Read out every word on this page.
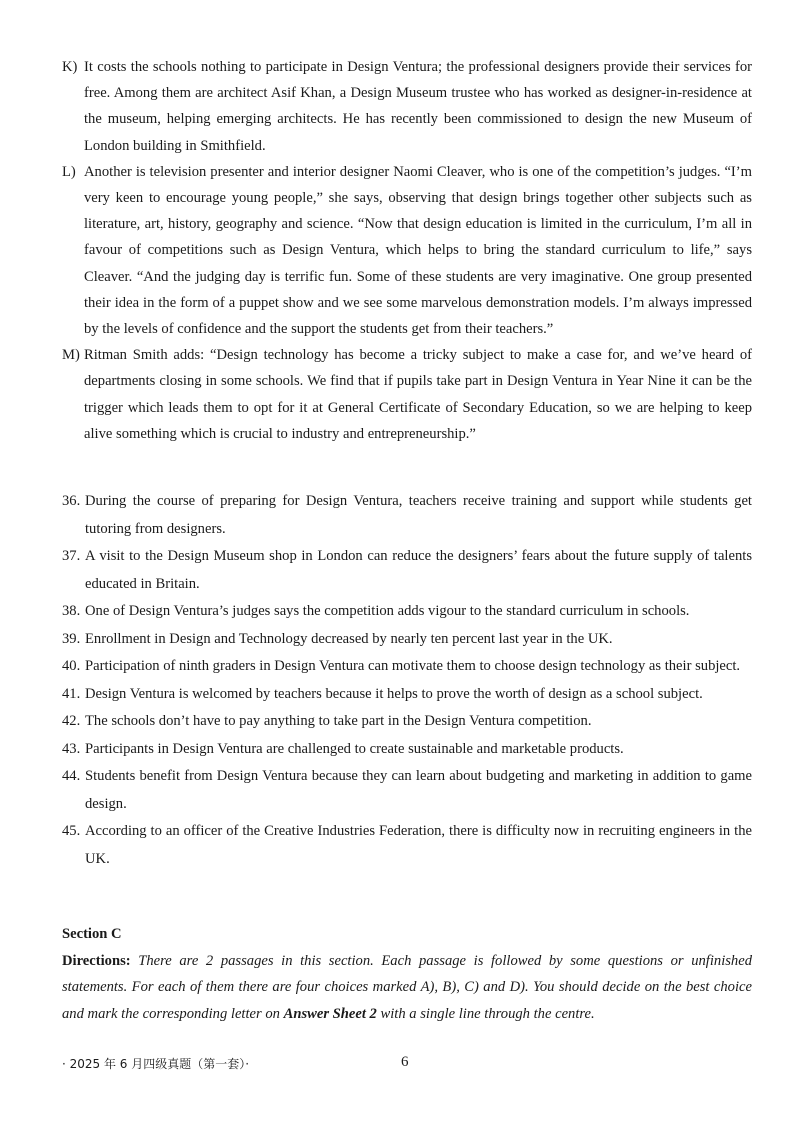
K) It costs the schools nothing to participate in Design Ventura; the professional designers provide their services for free. Among them are architect Asif Khan, a Design Museum trustee who has worked as designer-in-residence at the museum, helping emerging architects. He has recently been commissioned to design the new Museum of London building in Smithfield.

L) Another is television presenter and interior designer Naomi Cleaver, who is one of the competition’s judges. “I’m very keen to encourage young people,” she says, observing that design brings together other subjects such as literature, art, history, geography and science. “Now that design education is limited in the curriculum, I’m all in favour of competitions such as Design Ventura, which helps to bring the standard curriculum to life,” says Cleaver. “And the judging day is terrific fun. Some of these students are very imaginative. One group presented their idea in the form of a puppet show and we see some marvelous demonstration models. I’m always impressed by the levels of confidence and the support the students get from their teachers.”

M) Ritman Smith adds: “Design technology has become a tricky subject to make a case for, and we’ve heard of departments closing in some schools. We find that if pupils take part in Design Ventura in Year Nine it can be the trigger which leads them to opt for it at General Certificate of Secondary Education, so we are helping to keep alive something which is crucial to industry and entrepreneurship.”

36. During the course of preparing for Design Ventura, teachers receive training and support while students get tutoring from designers.

37. A visit to the Design Museum shop in London can reduce the designers’ fears about the future supply of talents educated in Britain.

38. One of Design Ventura’s judges says the competition adds vigour to the standard curriculum in schools.

39. Enrollment in Design and Technology decreased by nearly ten percent last year in the UK.

40. Participation of ninth graders in Design Ventura can motivate them to choose design technology as their subject.

41. Design Ventura is welcomed by teachers because it helps to prove the worth of design as a school subject.

42. The schools don’t have to pay anything to take part in the Design Ventura competition.

43. Participants in Design Ventura are challenged to create sustainable and marketable products.

44. Students benefit from Design Ventura because they can learn about budgeting and marketing in addition to game design.

45. According to an officer of the Creative Industries Federation, there is difficulty now in recruiting engineers in the UK.

Section C

Directions: There are 2 passages in this section. Each passage is followed by some questions or unfinished statements. For each of them there are four choices marked A), B), C) and D). You should decide on the best choice and mark the corresponding letter on Answer Sheet 2 with a single line through the centre.

· 2025 年 6 月四级真题（第一套）·	6
